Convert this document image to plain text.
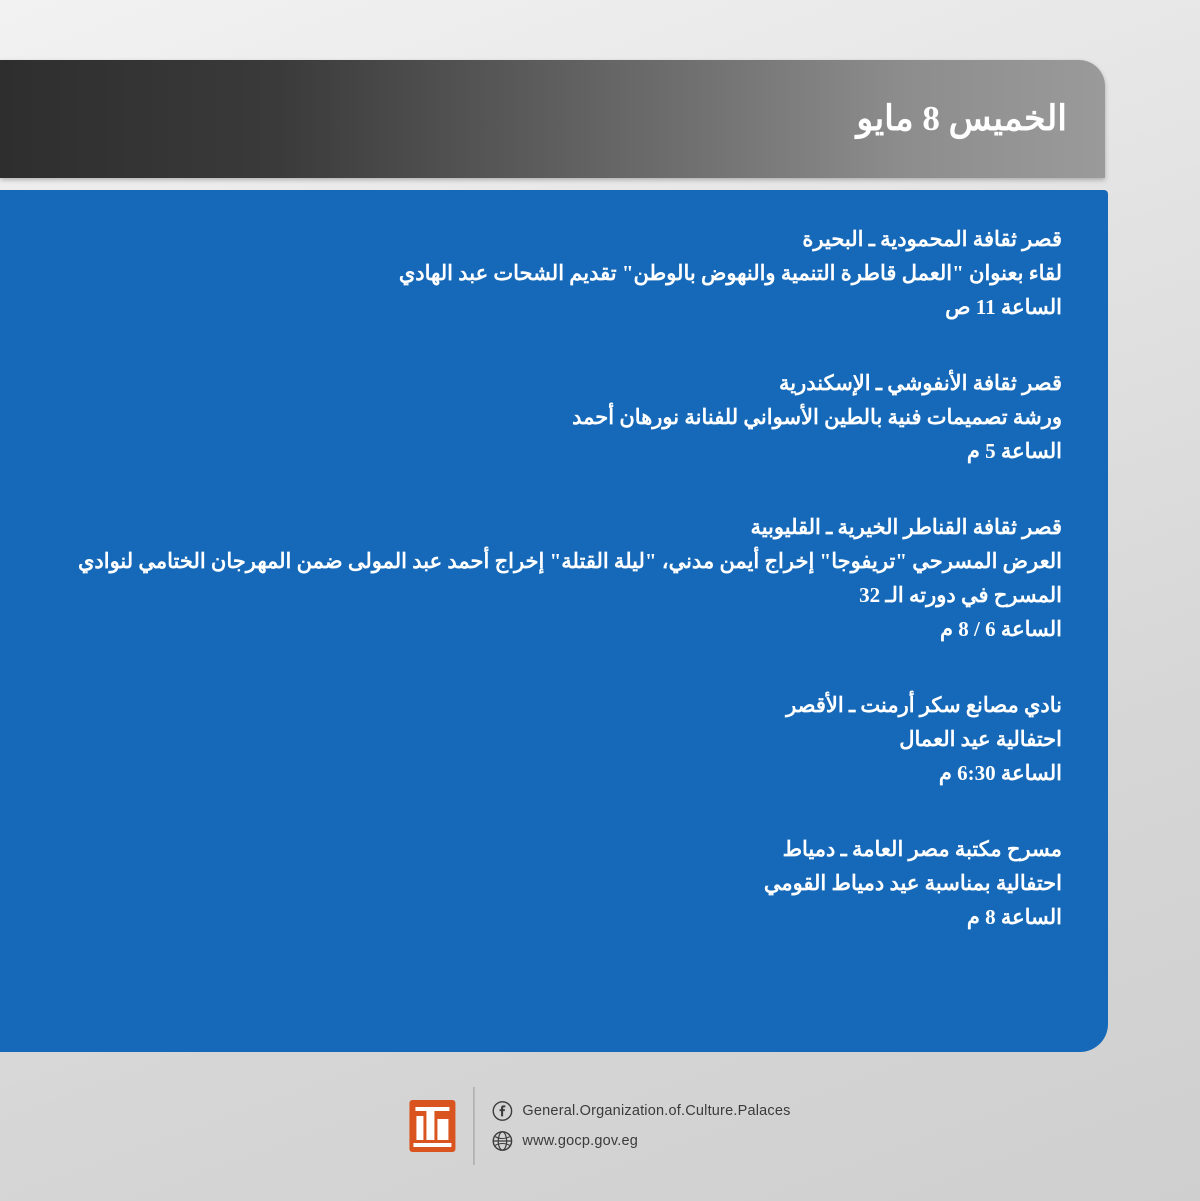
الخميس 8 مايو
قصر ثقافة المحمودية ـ البحيرة
لقاء بعنوان "العمل قاطرة التنمية والنهوض بالوطن" تقديم الشحات عبد الهادي
الساعة 11 ص
قصر ثقافة الأنفوشي ـ الإسكندرية
ورشة تصميمات فنية بالطين الأسواني للفنانة نورهان أحمد
الساعة 5 م
قصر ثقافة القناطر الخيرية ـ القليوبية
العرض المسرحي "تريفوجا" إخراج أيمن مدني، "ليلة القتلة" إخراج أحمد عبد المولى ضمن المهرجان الختامي لنوادي المسرح في دورته الـ 32
الساعة 6 / 8 م
نادي مصانع سكر أرمنت ـ الأقصر
احتفالية عيد العمال
الساعة 6:30 م
مسرح مكتبة مصر العامة ـ دمياط
احتفالية بمناسبة عيد دمياط القومي
الساعة 8 م
General.Organization.of.Culture.Palaces
www.gocp.gov.eg
